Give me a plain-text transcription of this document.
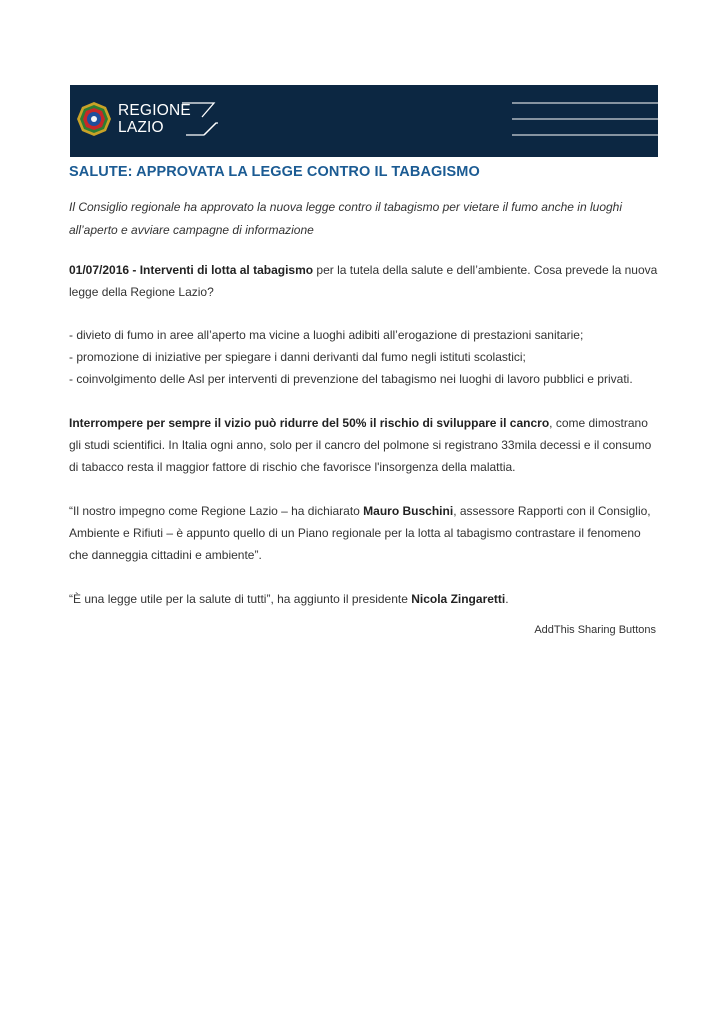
REGIONE
LAZIO
SALUTE: APPROVATA LA LEGGE CONTRO IL TABAGISMO

Il Consiglio regionale ha approvato la nuova legge contro il tabagismo per vietare il fumo anche in luoghi all’aperto e avviare campagne di informazione

01/07/2016 - Interventi di lotta al tabagismo per la tutela della salute e dell’ambiente. Cosa prevede la nuova legge della Regione Lazio?

- divieto di fumo in aree all’aperto ma vicine a luoghi adibiti all’erogazione di prestazioni sanitarie;
- promozione di iniziative per spiegare i danni derivanti dal fumo negli istituti scolastici;
- coinvolgimento delle Asl per interventi di prevenzione del tabagismo nei luoghi di lavoro pubblici e privati.

Interrompere per sempre il vizio può ridurre del 50% il rischio di sviluppare il cancro, come dimostrano gli studi scientifici. In Italia ogni anno, solo per il cancro del polmone si registrano 33mila decessi e il consumo di tabacco resta il maggior fattore di rischio che favorisce l'insorgenza della malattia.

“Il nostro impegno come Regione Lazio – ha dichiarato Mauro Buschini, assessore Rapporti con il Consiglio, Ambiente e Rifiuti – è appunto quello di un Piano regionale per la lotta al tabagismo contrastare il fenomeno che danneggia cittadini e ambiente”.

“È una legge utile per la salute di tutti”, ha aggiunto il presidente Nicola Zingaretti.

AddThis Sharing Buttons
